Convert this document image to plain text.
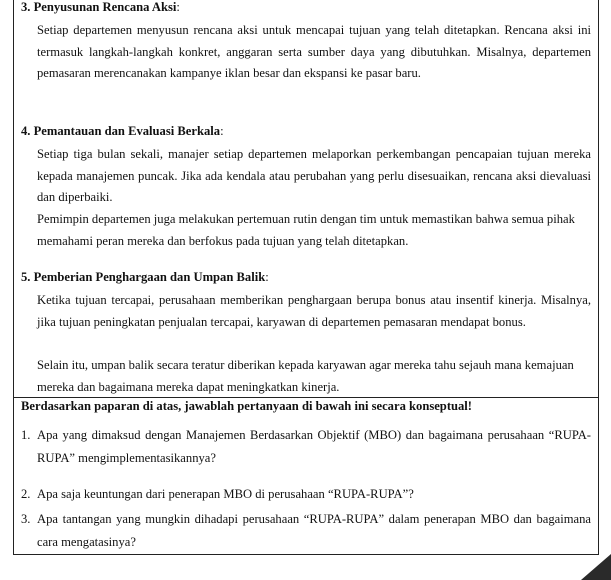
3. Penyusunan Rencana Aksi:
Setiap departemen menyusun rencana aksi untuk mencapai tujuan yang telah ditetapkan. Rencana aksi ini termasuk langkah-langkah konkret, anggaran serta sumber daya yang dibutuhkan. Misalnya, departemen pemasaran merencanakan kampanye iklan besar dan ekspansi ke pasar baru.
4. Pemantauan dan Evaluasi Berkala:
Setiap tiga bulan sekali, manajer setiap departemen melaporkan perkembangan pencapaian tujuan mereka kepada manajemen puncak. Jika ada kendala atau perubahan yang perlu disesuaikan, rencana aksi dievaluasi dan diperbaiki.
Pemimpin departemen juga melakukan pertemuan rutin dengan tim untuk memastikan bahwa semua pihak memahami peran mereka dan berfokus pada tujuan yang telah ditetapkan.
5. Pemberian Penghargaan dan Umpan Balik:
Ketika tujuan tercapai, perusahaan memberikan penghargaan berupa bonus atau insentif kinerja. Misalnya, jika tujuan peningkatan penjualan tercapai, karyawan di departemen pemasaran mendapat bonus.
Selain itu, umpan balik secara teratur diberikan kepada karyawan agar mereka tahu sejauh mana kemajuan mereka dan bagaimana mereka dapat meningkatkan kinerja.
Berdasarkan paparan di atas, jawablah pertanyaan di bawah ini secara konseptual!
1. Apa yang dimaksud dengan Manajemen Berdasarkan Objektif (MBO) dan bagaimana perusahaan “RUPA-RUPA” mengimplementasikannya?
2. Apa saja keuntungan dari penerapan MBO di perusahaan “RUPA-RUPA”?
3. Apa tantangan yang mungkin dihadapi perusahaan “RUPA-RUPA” dalam penerapan MBO dan bagaimana cara mengatasinya?
